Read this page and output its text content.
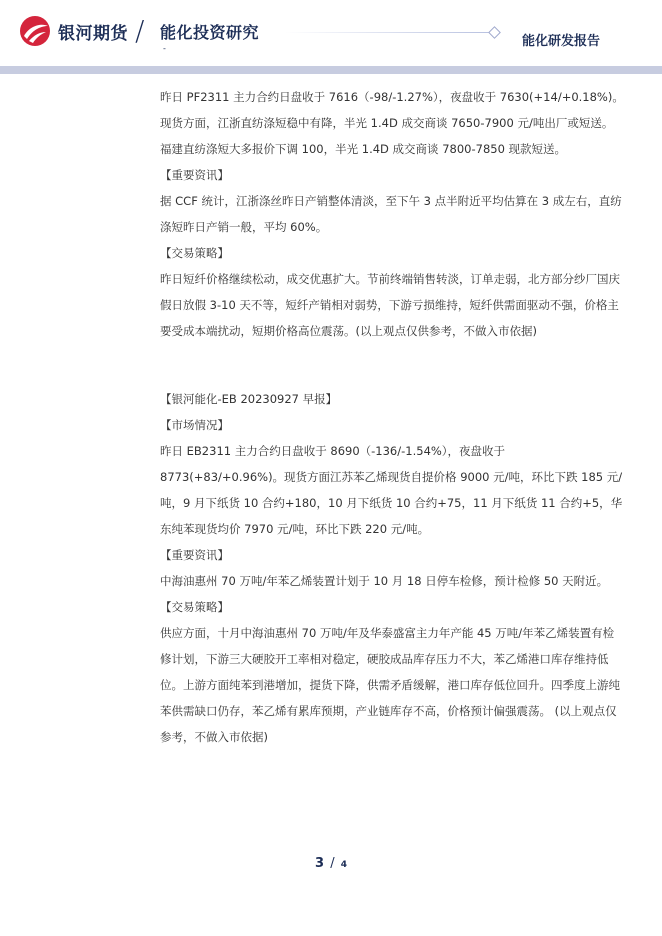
银河期货 / 能化投资研究
-	能化研发报告

昨日 PF2311 主力合约日盘收于 7616（-98/-1.27%），夜盘收于 7630(+14/+0.18%)。现货方面，江浙直纺涤短稳中有降，半光 1.4D 成交商谈 7650-7900 元/吨出厂或短送。福建直纺涤短大多报价下调 100，半光 1.4D 成交商谈 7800-7850 现款短送。

【重要资讯】

据 CCF 统计，江浙涤丝昨日产销整体清淡，至下午 3 点半附近平均估算在 3 成左右，直纺涤短昨日产销一般，平均 60%。

【交易策略】

昨日短纤价格继续松动，成交优惠扩大。节前终端销售转淡，订单走弱，北方部分纱厂国庆假日放假 3-10 天不等，短纤产销相对弱势，下游亏损维持，短纤供需面驱动不强，价格主要受成本端扰动，短期价格高位震荡。(以上观点仅供参考，不做入市依据)

【银河能化-EB 20230927 早报】

【市场情况】

昨日 EB2311 主力合约日盘收于 8690（-136/-1.54%），夜盘收于 8773(+83/+0.96%)。现货方面江苏苯乙烯现货自提价格 9000 元/吨，环比下跌 185 元/吨，9 月下纸货 10 合约+180，10 月下纸货 10 合约+75，11 月下纸货 11 合约+5，华东纯苯现货均价 7970 元/吨，环比下跌 220 元/吨。

【重要资讯】

中海油惠州 70 万吨/年苯乙烯装置计划于 10 月 18 日停车检修，预计检修 50 天附近。

【交易策略】

供应方面，十月中海油惠州 70 万吨/年及华泰盛富主力年产能 45 万吨/年苯乙烯装置有检修计划，下游三大硬胶开工率相对稳定，硬胶成品库存压力不大，苯乙烯港口库存维持低位。上游方面纯苯到港增加，提货下降，供需矛盾缓解，港口库存低位回升。四季度上游纯苯供需缺口仍存，苯乙烯有累库预期，产业链库存不高，价格预计偏强震荡。 (以上观点仅参考，不做入市依据)

3 / 4
